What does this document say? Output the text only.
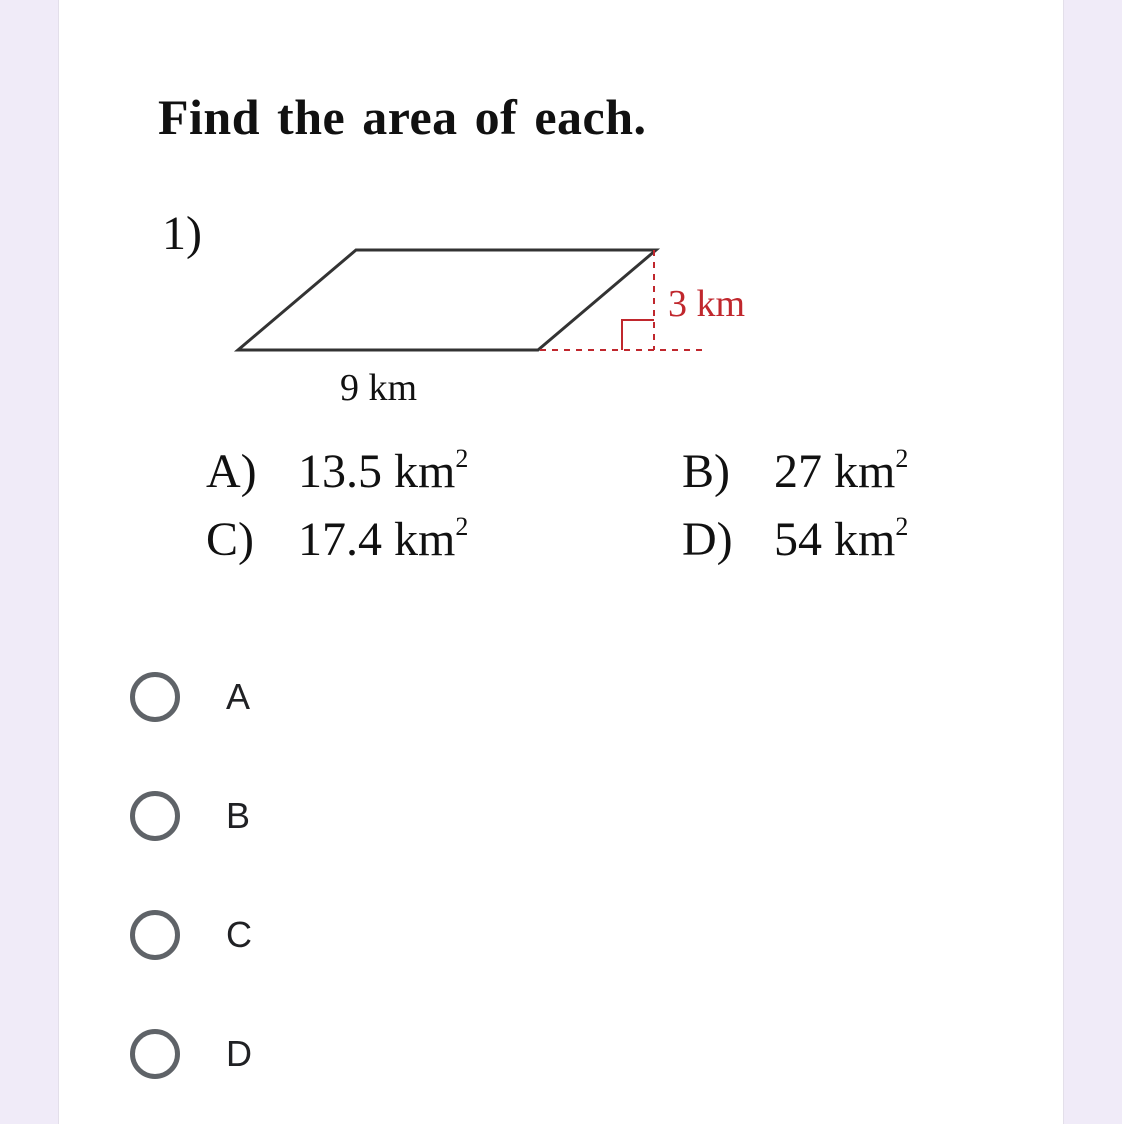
Find the area of each.
1)
9 km
3 km
A) 13.5 $km^2$	B) 27 $km^2$
C) 17.4 $km^2$	D) 54 $km^2$
A
B
C
D
